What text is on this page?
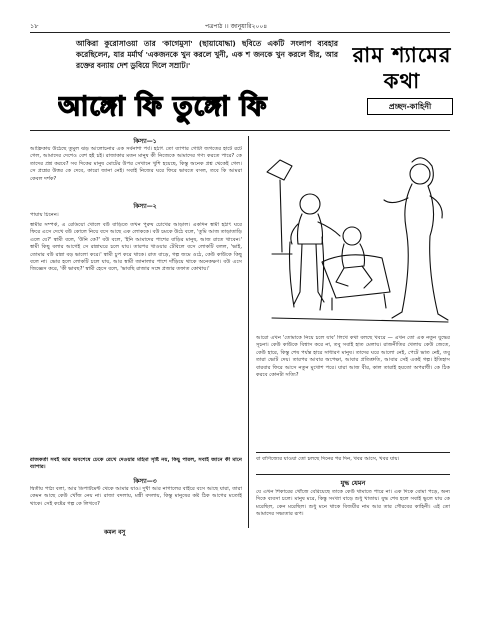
১৮	পত্রপাঠ ।। জানুয়ারি২০০৪
আকিরা কুরোসাওয়া তার 'কাগেমুসা' (ছায়াযোদ্ধা) ছবিতে একটি সংলাপ ব্যবহার করেছিলেন, যার মর্মার্থ 'একজনকে খুন করলে খুনী, এক শ জনকে খুন করলে বীর, আর রক্তের বন্যায় দেশ ডুবিয়ে দিলে সম্রাট।'	রাম শ্যামের কথা
আঙ্গো ফি তুঙ্গো ফি	প্রচ্ছদ-কাহিনী
কিস্যা—১
আফ্রিকায় উঠেছে তুমুল ঝড় আলোচনার এক সর্বনাশা পর্ব। হঠাৎ তো ব্যাপার গোটা জগতের হাটে রটে গেল, আমাদের দেশেও বেশ হই চই। রাজাকার মতন মানুষ কী নিজেকে আমাদের গণ্য করতে পারে? কে তাদের প্রশ্ন করবে? সব দিকের মানুষ মোটের উপর সেখানে খুশি হয়েছে, কিন্তু অনেক প্রশ্ন থেকেই গেল। সে প্রশ্নের উত্তর কে দেবে, কারো জানা নেই। সবাই নিজের ঘরে ফিরে ভাবতে বসল, তবে কি আমরা কেবল দর্শক?
কিস্যা—২
পায়ায় চিনেন।
স্বামীর সম্পর্ক, এ রেডিয়ো খোলে বউ বাড়িতে তখন পুরুষ চোখের আড়াল। একদিন স্বামী হঠাৎ ঘরে ফিরে এসে দেখে বউ কোলে নিয়ে বসে আছে এক লোককে। বউ চমকে উঠে বলে, 'তুমি আজ তাড়াতাড়ি এলে যে?' স্বামী বলে, 'উনি কে?' বউ বলে, 'ইনি আমাদের পাশের বাড়ির মানুষ, আজ রাতে খাবেন।' স্বামী কিছু বলার আগেই সে রান্নাঘরে চলে যায়। তারপর খাওয়ার টেবিলে বসে লোকটি বলল, 'ভাই, তোমার বউ রান্না বড় ভালো করে।' স্বামী চুপ করে থাকে। রাত বাড়ে, গল্প জমে ওঠে, কেউ কাউকে কিছু বলে না। ভোর হলে লোকটি চলে যায়, আর স্বামী জানালার পাশে দাঁড়িয়ে থাকে অনেকক্ষণ। বউ এসে জিজ্ঞেস করে, 'কী ভাবছ?' স্বামী হেসে বলে, 'ভাবছি রাজার সঙ্গে প্রজার তফাত কোথায়।'
রাজকর্তা সবই আর অবশেষে ঢেকে রেখে দেওয়ার মহিমা সৃষ্টি নয়, কিছু পারল, সবাই জানে কী মানে ব্যাপার।
কিস্যা—৩
দ্বিতীয় পাঠ্য বলা, আর ডিপার্টমেন্ট থেকে আমার যাও। দুখী আর নাগালের বাইরে বসে আছে যারা, তারা কেমন আছে কেউ খোঁজ নেয় না। রাজা বদলায়, মন্ত্রী বদলায়, কিন্তু মানুষের কষ্ট ঠিক আগের মতোই থাকে। সেই কষ্টের গল্প কে লিখবে?
কমল বসু
আরো এখন 'তোমাকে নিয়ে চলে যাব' লিখে কথা বলছে খবরে — এখন তো এক নতুন যুদ্ধের সূচনা। কেউ কাউকে বিশ্বাস করে না, তবু সবাই হাত মেলায়। রাজনীতির খেলায় কেউ জেতে, কেউ হারে, কিন্তু শেষ পর্যন্ত হারে সাধারণ মানুষ। তাদের ঘরে আলো নেই, পেটে ভাত নেই, তবু তারা ভোট দেয়। তারপর আবার অপেক্ষা, আবার প্রতিশ্রুতি, আবার সেই একই গল্প। ইতিহাস বারবার ফিরে আসে নতুন মুখোশ পরে। যারা আজ বীর, কাল তারাই হয়তো অপরাধী। কে ঠিক করবে কোনটা সত্যি?
বা বাণিজ্যের যাওয়া তো চলছে দিনের পর দিন, খবর আসে, খবর যায়।
যুদ্ধ যেমন
যে এখন শিকারের খোঁজে বেরিয়েছে তাকে কেউ থামাতে পারে না। এক দিকে বোমা পড়ে, অন্য দিকে ব্যবসা চলে। মানুষ মরে, কিন্তু সংখ্যা বাড়ে শুধু খাতায়। যুদ্ধ শেষ হলে সবাই ভুলে যায় কে মরেছিল, কেন মরেছিল। শুধু মনে থাকে বিজয়ীর নাম আর তার গৌরবের কাহিনী। এই তো আমাদের সভ্যতার রূপ।
